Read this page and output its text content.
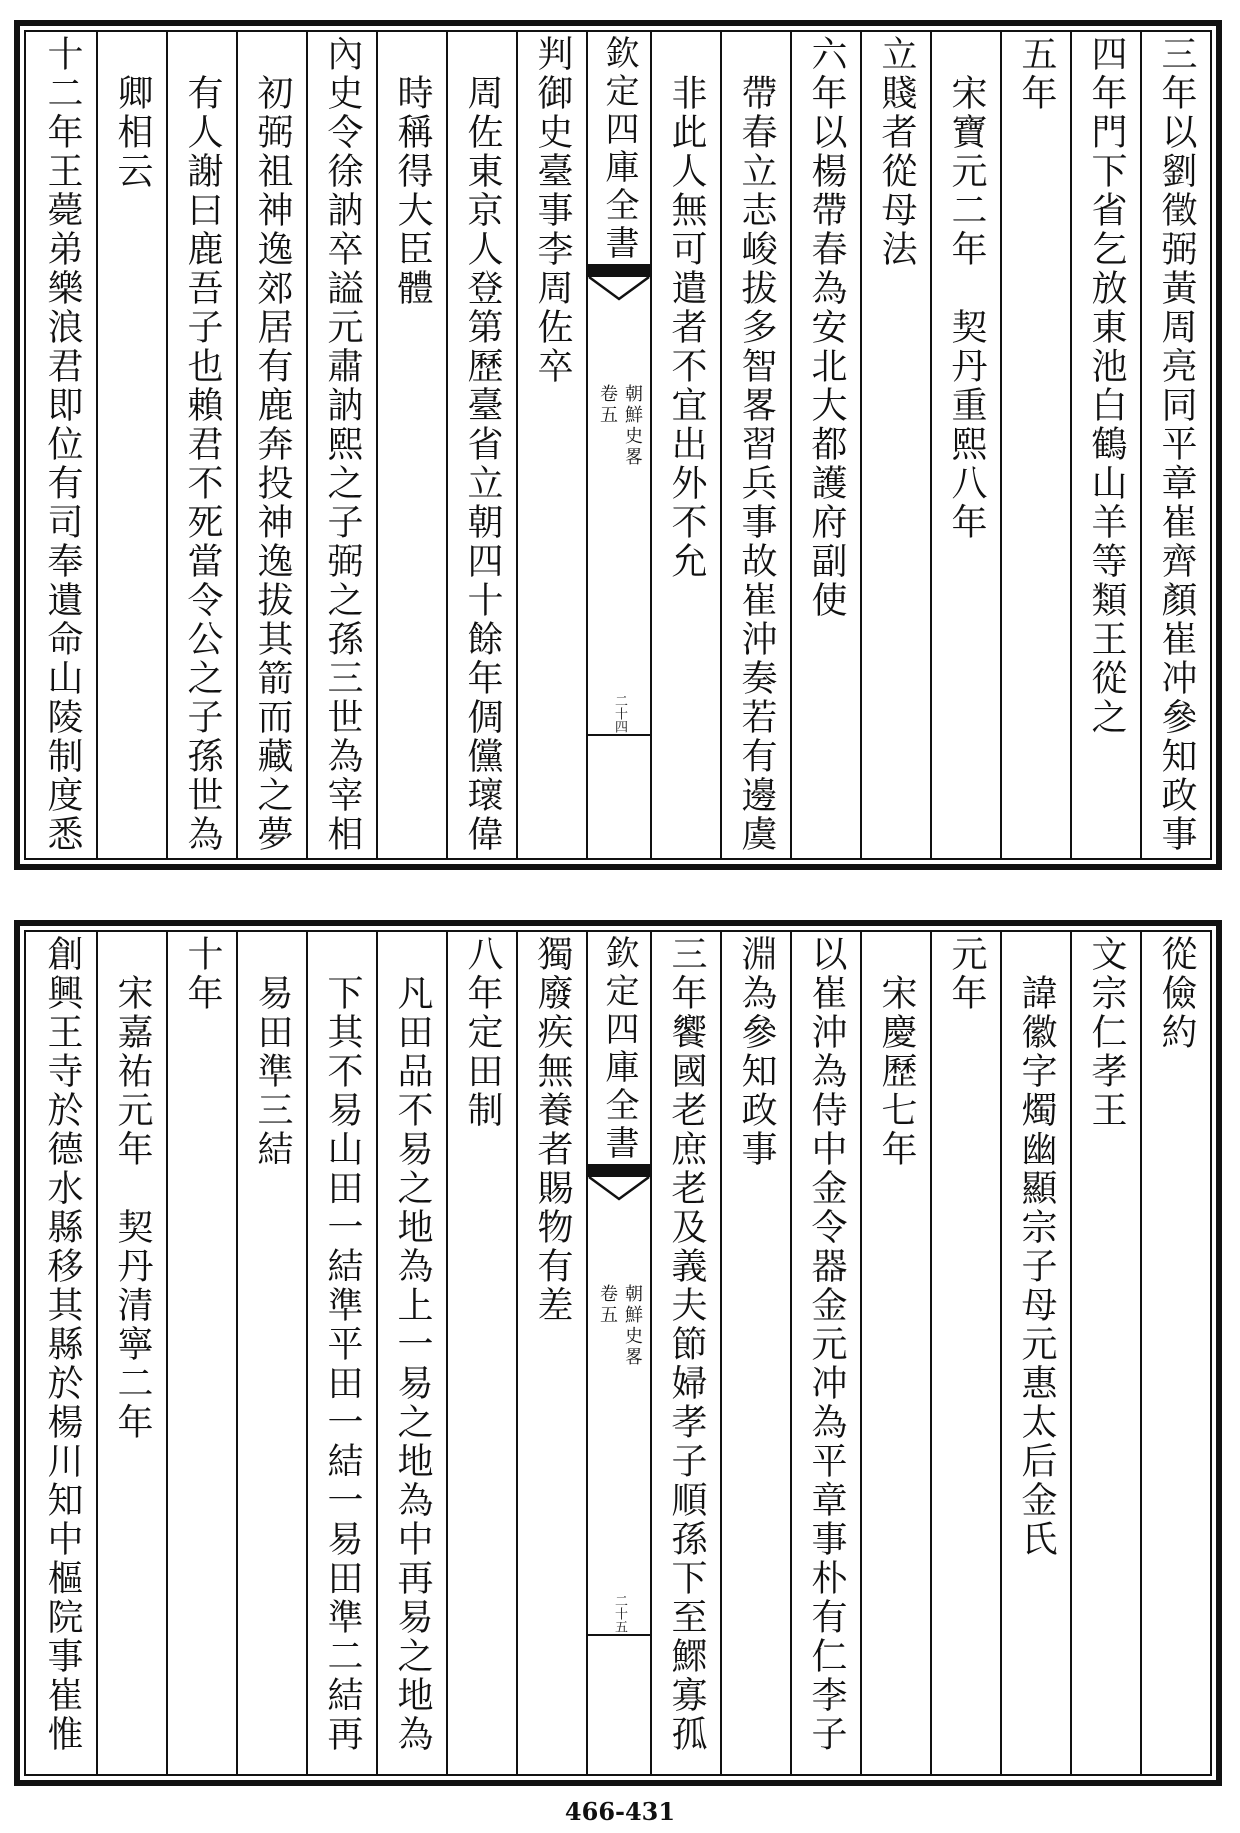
三年以劉徵弼黃周亮同平章崔齊顏崔冲參知政事
四年門下省乞放東池白鶴山羊等類王從之
五年
宋寶元二年　契丹重熙八年
立賤者從母法
六年以楊帶春為安北大都護府副使
帶春立志峻拔多智畧習兵事故崔沖奏若有邊虞
非此人無可遣者不宜出外不允
欽定四庫全書
朝鮮史畧
卷五
二十四
判御史臺事李周佐卒
周佐東京人登第歷臺省立朝四十餘年倜儻瓌偉
時稱得大臣體
內史令徐訥卒謚元肅訥熙之子弼之孫三世為宰相
初弼祖神逸郊居有鹿奔投神逸拔其箭而藏之夢
有人謝曰鹿吾子也賴君不死當令公之子孫世為
卿相云
十二年王薨弟樂浪君即位有司奉遺命山陵制度悉
從儉約
文宗仁孝王
諱徽字燭幽顯宗子母元惠太后金氏
元年
宋慶歷七年
以崔沖為侍中金令器金元冲為平章事朴有仁李子
淵為參知政事
三年饗國老庶老及義夫節婦孝子順孫下至鰥寡孤
欽定四庫全書
朝鮮史畧
卷五
二十五
獨廢疾無養者賜物有差
八年定田制
凡田品不易之地為上一易之地為中再易之地為
下其不易山田一結準平田一結一易田準二結再
易田準三結
十年
宋嘉祐元年　契丹清寧二年
創興王寺於德水縣移其縣於楊川知中樞院事崔惟
466-431
